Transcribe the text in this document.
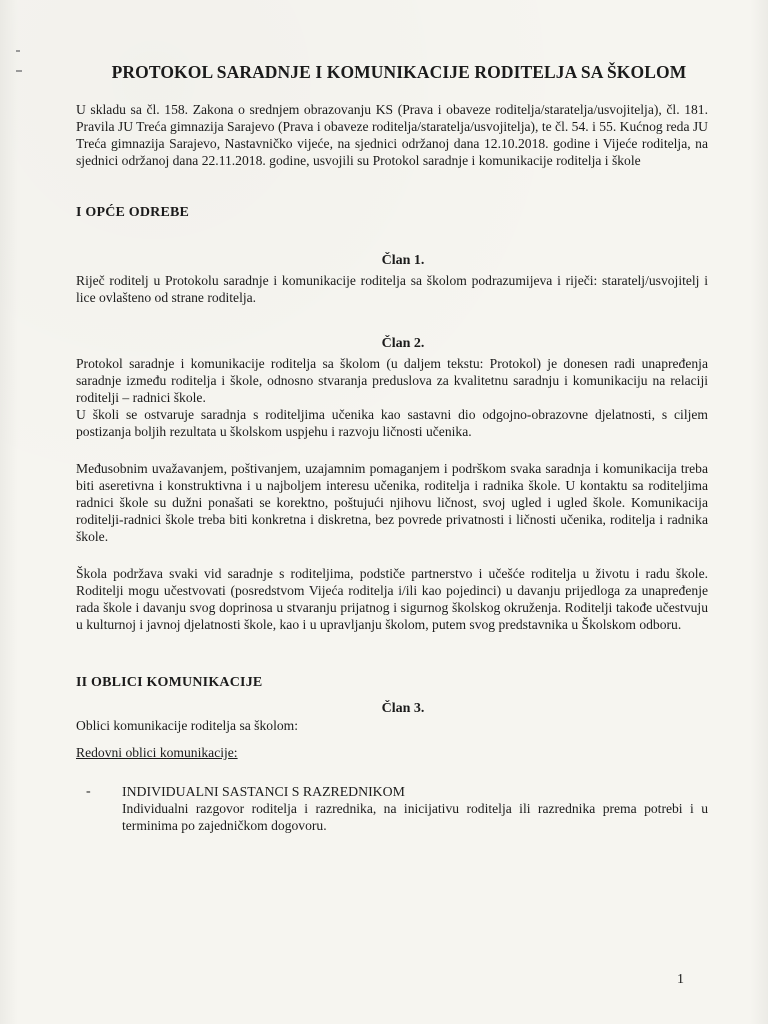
PROTOKOL SARADNJE I KOMUNIKACIJE RODITELJA SA ŠKOLOM

U skladu sa čl. 158. Zakona o srednjem obrazovanju KS (Prava i obaveze roditelja/staratelja/usvojitelja), čl. 181. Pravila JU Treća gimnazija Sarajevo (Prava i obaveze roditelja/staratelja/usvojitelja), te čl. 54. i 55. Kućnog reda JU Treća gimnazija Sarajevo, Nastavničko vijeće, na sjednici održanoj dana 12.10.2018. godine i Vijeće roditelja, na sjednici održanoj dana 22.11.2018. godine, usvojili su Protokol saradnje i komunikacije roditelja i škole

I OPĆE ODREBE
Član 1.

Riječ roditelj u Protokolu saradnje i komunikacije roditelja sa školom podrazumijeva i riječi: staratelj/usvojitelj i lice ovlašteno od strane roditelja.

Član 2.

Protokol saradnje i komunikacije roditelja sa školom (u daljem tekstu: Protokol) je donesen radi unapređenja saradnje između roditelja i škole, odnosno stvaranja preduslova za kvalitetnu saradnju i komunikaciju na relaciji roditelji – radnici škole.

U školi se ostvaruje saradnja s roditeljima učenika kao sastavni dio odgojno-obrazovne djelatnosti, s ciljem postizanja boljih rezultata u školskom uspjehu i razvoju ličnosti učenika.

Međusobnim uvažavanjem, poštivanjem, uzajamnim pomaganjem i podrškom svaka saradnja i komunikacija treba biti aseretivna i konstruktivna i u najboljem interesu učenika, roditelja i radnika škole. U kontaktu sa roditeljima radnici škole su dužni ponašati se korektno, poštujući njihovu ličnost, svoj ugled i ugled škole. Komunikacija roditelji-radnici škole treba biti konkretna i diskretna, bez povrede privatnosti i ličnosti učenika, roditelja i radnika škole.

Škola podržava svaki vid saradnje s roditeljima, podstiče partnerstvo i učešće roditelja u životu i radu škole. Roditelji mogu učestvovati (posredstvom Vijeća roditelja i/ili kao pojedinci) u davanju prijedloga za unapređenje rada škole i davanju svog doprinosa u stvaranju prijatnog i sigurnog školskog okruženja. Roditelji takođe učestvuju u kulturnoj i javnoj djelatnosti škole, kao i u upravljanju školom, putem svog predstavnika u Školskom odboru.

II OBLICI KOMUNIKACIJE
Član 3.

Oblici komunikacije roditelja sa školom:

Redovni oblici komunikacije:

-	INDIVIDUALNI SASTANCI S RAZREDNIKOM
Individualni razgovor roditelja i razrednika, na inicijativu roditelja ili razrednika prema potrebi i u terminima po zajedničkom dogovoru.
1
